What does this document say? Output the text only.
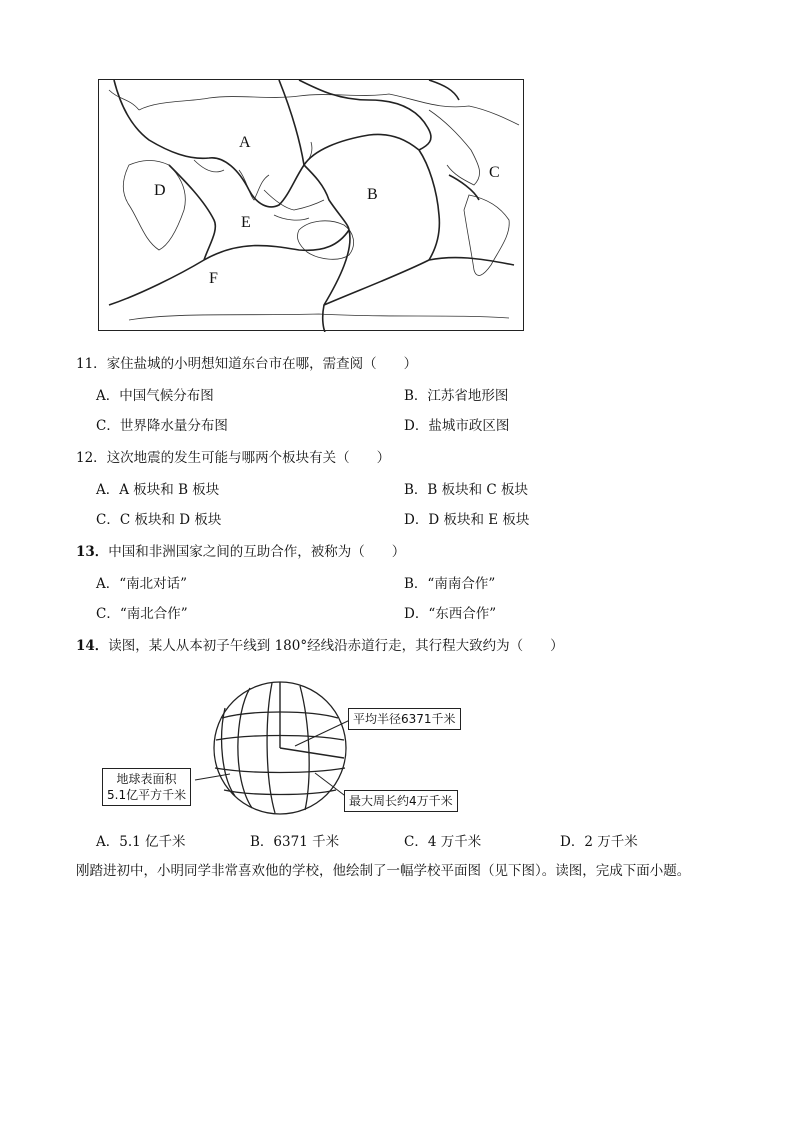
A
B
C
D
E
F
11．家住盐城的小明想知道东台市在哪，需查阅（　　）
A．中国气候分布图	B．江苏省地形图
C．世界降水量分布图	D．盐城市政区图
12．这次地震的发生可能与哪两个板块有关（　　）
A．A 板块和 B 板块	B．B 板块和 C 板块
C．C 板块和 D 板块	D．D 板块和 E 板块
13．中国和非洲国家之间的互助合作，被称为（　　）
A．“南北对话”	B．“南南合作”
C．“南北合作”	D．“东西合作”
14．读图，某人从本初子午线到 180°经线沿赤道行走，其行程大致约为（　　）
平均半径6371千米
地球表面积
5.1亿平方千米	最大周长约4万千米
A．5.1 亿千米	B．6371 千米	C．4 万千米	D．2 万千米
刚踏进初中，小明同学非常喜欢他的学校，他绘制了一幅学校平面图（见下图）。读图，完成下面小题。
